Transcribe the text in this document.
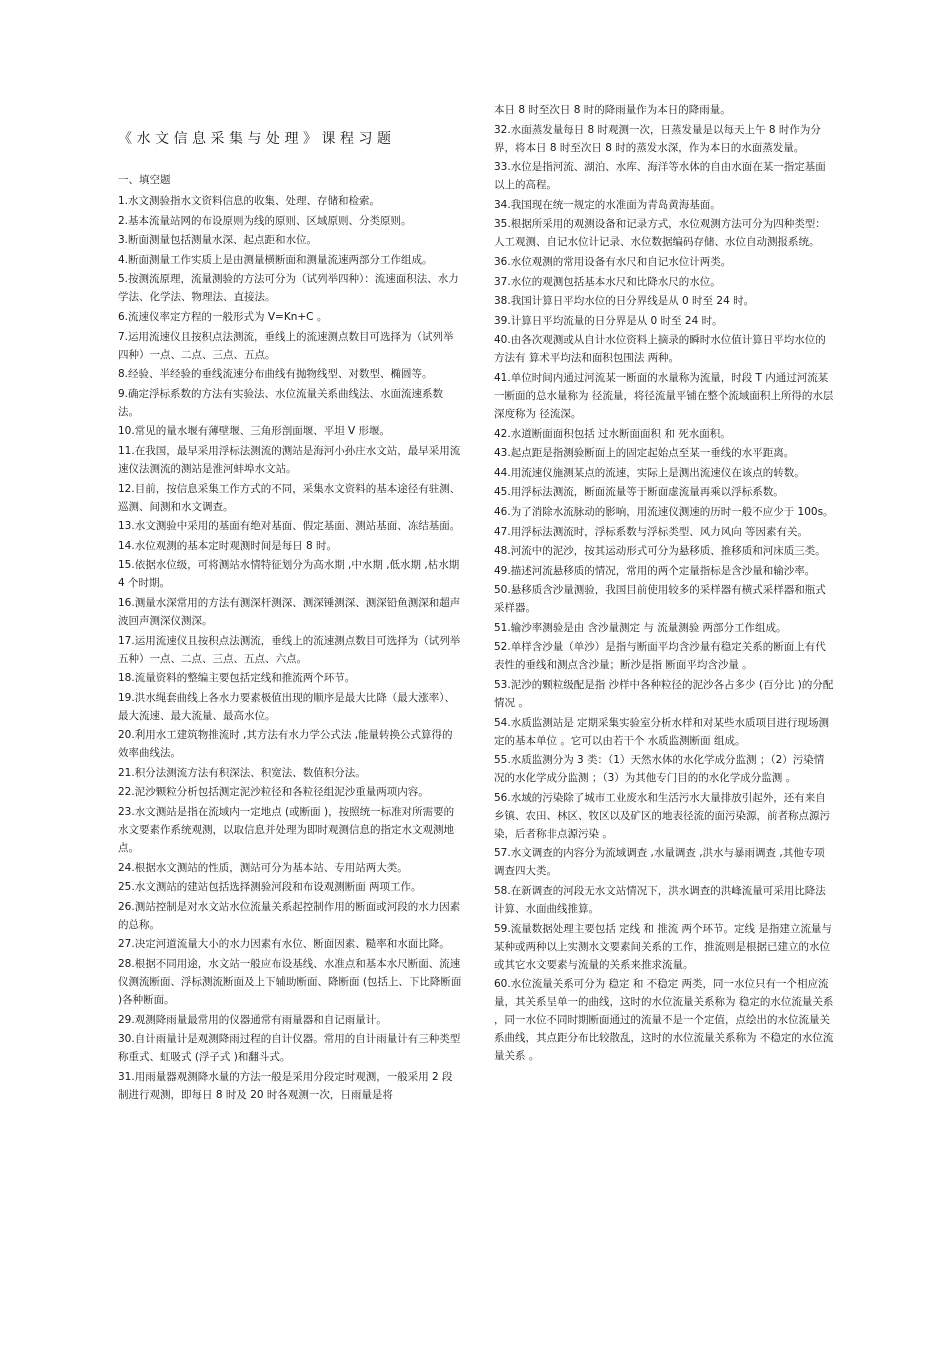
《水文信息采集与处理》课程习题
一、填空题
1.水文测验指水文资料信息的收集、处理、存储和检索。
2.基本流量站网的布设原则为线的原则、区域原则、分类原则。
3.断面测量包括测量水深、起点距和水位。
4.断面测量工作实质上是由测量横断面和测量流速两部分工作组成。
5.按测流原理，流量测验的方法可分为（试列举四种）：流速面积法、水力学法、化学法、物理法、直接法。
6.流速仪率定方程的一般形式为 V=Kn+C 。
7.运用流速仪且按积点法测流，垂线上的流速测点数目可选择为（试列举四种）一点、二点、三点、五点。
8.经验、半经验的垂线流速分布曲线有抛物线型、对数型、椭圆等。
9.确定浮标系数的方法有实验法、水位流量关系曲线法、水面流速系数法。
10.常见的量水堰有薄壁堰、三角形剖面堰、平坦 V 形堰。
11.在我国，最早采用浮标法测流的测站是海河小孙庄水文站，最早采用流速仪法测流的测站是淮河蚌埠水文站。
12.目前，按信息采集工作方式的不同，采集水文资料的基本途径有驻测、巡测、间测和水文调查。
13.水文测验中采用的基面有绝对基面、假定基面、测站基面、冻结基面。
14.水位观测的基本定时观测时间是每日 8 时。
15.依据水位级，可将测站水情特征划分为高水期 ,中水期 ,低水期 ,枯水期 4 个时期。
16.测量水深常用的方法有测深杆测深、测深锤测深、测深铅鱼测深和超声波回声测深仪测深。
17.运用流速仪且按积点法测流，垂线上的流速测点数目可选择为（试列举五种）一点、二点、三点、五点、六点。
18.流量资料的整编主要包括定线和推流两个环节。
19.洪水绳套曲线上各水力要素极值出现的顺序是最大比降（最大涨率）、最大流速、最大流量、最高水位。
20.利用水工建筑物推流时 ,其方法有水力学公式法 ,能量转换公式算得的效率曲线法。
21.积分法测流方法有积深法、积宽法、数值积分法。
22.泥沙颗粒分析包括测定泥沙粒径和各粒径组泥沙重量两项内容。
23.水文测站是指在流域内一定地点 (或断面 )，按照统一标准对所需要的水文要素作系统观测，以取信息并处理为即时观测信息的指定水文观测地点。
24.根据水文测站的性质，测站可分为基本站、专用站两大类。
25.水文测站的建站包括选择测验河段和布设观测断面 两项工作。
26.测站控制是对水文站水位流量关系起控制作用的断面或河段的水力因素的总称。
27.决定河道流量大小的水力因素有水位、断面因素、糙率和水面比降。
28.根据不同用途，水文站一般应布设基线、水准点和基本水尺断面、流速仪测流断面、浮标测流断面及上下辅助断面、降断面 (包括上、下比降断面 )各种断面。
29.观测降雨量最常用的仪器通常有雨量器和自记雨量计。
30.自计雨量计是观测降雨过程的自计仪器。常用的自计雨量计有三种类型称重式、虹吸式 (浮子式 )和翻斗式。
31.用雨量器观测降水量的方法一般是采用分段定时观测，一般采用 2 段制进行观测，即每日 8 时及 20 时各观测一次，日雨量是将
本日 8 时至次日 8 时的降雨量作为本日的降雨量。
32.水面蒸发量每日 8 时观测一次，日蒸发量是以每天上午 8 时作为分界，将本日 8 时至次日 8 时的蒸发水深，作为本日的水面蒸发量。
33.水位是指河流、湖泊、水库、海洋等水体的自由水面在某一指定基面以上的高程。
34.我国现在统一规定的水准面为青岛黄海基面。
35.根据所采用的观测设备和记录方式，水位观测方法可分为四种类型：人工观测、自记水位计记录、水位数据编码存储、水位自动测报系统。
36.水位观测的常用设备有水尺和自记水位计两类。
37.水位的观测包括基本水尺和比降水尺的水位。
38.我国计算日平均水位的日分界线是从 0 时至 24 时。
39.计算日平均流量的日分界是从 0 时至 24 时。
40.由各次观测或从自计水位资料上摘录的瞬时水位值计算日平均水位的方法有 算术平均法和面积包围法 两种。
41.单位时间内通过河流某一断面的水量称为流量，时段 T 内通过河流某一断面的总水量称为 径流量，将径流量平铺在整个流域面积上所得的水层深度称为 径流深。
42.水道断面面积包括 过水断面面积 和 死水面积。
43.起点距是指测验断面上的固定起始点至某一垂线的水平距离。
44.用流速仪施测某点的流速，实际上是测出流速仪在该点的转数。
45.用浮标法测流，断面流量等于断面虚流量再乘以浮标系数。
46.为了消除水流脉动的影响，用流速仪测速的历时一般不应少于 100s。
47.用浮标法测流时，浮标系数与浮标类型、风力风向 等因素有关。
48.河流中的泥沙，按其运动形式可分为悬移质、推移质和河床质三类。
49.描述河流悬移质的情况，常用的两个定量指标是含沙量和输沙率。
50.悬移质含沙量测验，我国目前使用较多的采样器有横式采样器和瓶式采样器。
51.输沙率测验是由 含沙量测定 与 流量测验 两部分工作组成。
52.单样含沙量（单沙）是指与断面平均含沙量有稳定关系的断面上有代表性的垂线和测点含沙量；断沙是指 断面平均含沙量 。
53.泥沙的颗粒级配是指 沙样中各种粒径的泥沙各占多少 (百分比 )的分配情况 。
54.水质监测站是 定期采集实验室分析水样和对某些水质项目进行现场测定的基本单位 。它可以由若干个 水质监测断面 组成。
55.水质监测分为 3 类：（1）天然水体的水化学成分监测 ；（2）污染情况的水化学成分监测 ；（3）为其他专门目的的水化学成分监测 。
56.水域的污染除了城市工业废水和生活污水大量排放引起外，还有来自乡镇、农田、林区、牧区以及矿区的地表径流的面污染源，前者称点源污染，后者称非点源污染 。
57.水文调查的内容分为流域调查 ,水量调查 ,洪水与暴雨调查 ,其他专项调查四大类。
58.在新调查的河段无水文站情况下，洪水调查的洪峰流量可采用比降法计算、水面曲线推算。
59.流量数据处理主要包括 定线 和 推流 两个环节。定线 是指建立流量与某种或两种以上实测水文要素间关系的工作，推流则是根据已建立的水位或其它水文要素与流量的关系来推求流量。
60.水位流量关系可分为 稳定 和 不稳定 两类，同一水位只有一个相应流量，其关系呈单一的曲线，这时的水位流量关系称为 稳定的水位流量关系 ，同一水位不同时期断面通过的流量不是一个定值，点绘出的水位流量关系曲线，其点距分布比较散乱，这时的水位流量关系称为 不稳定的水位流量关系 。
